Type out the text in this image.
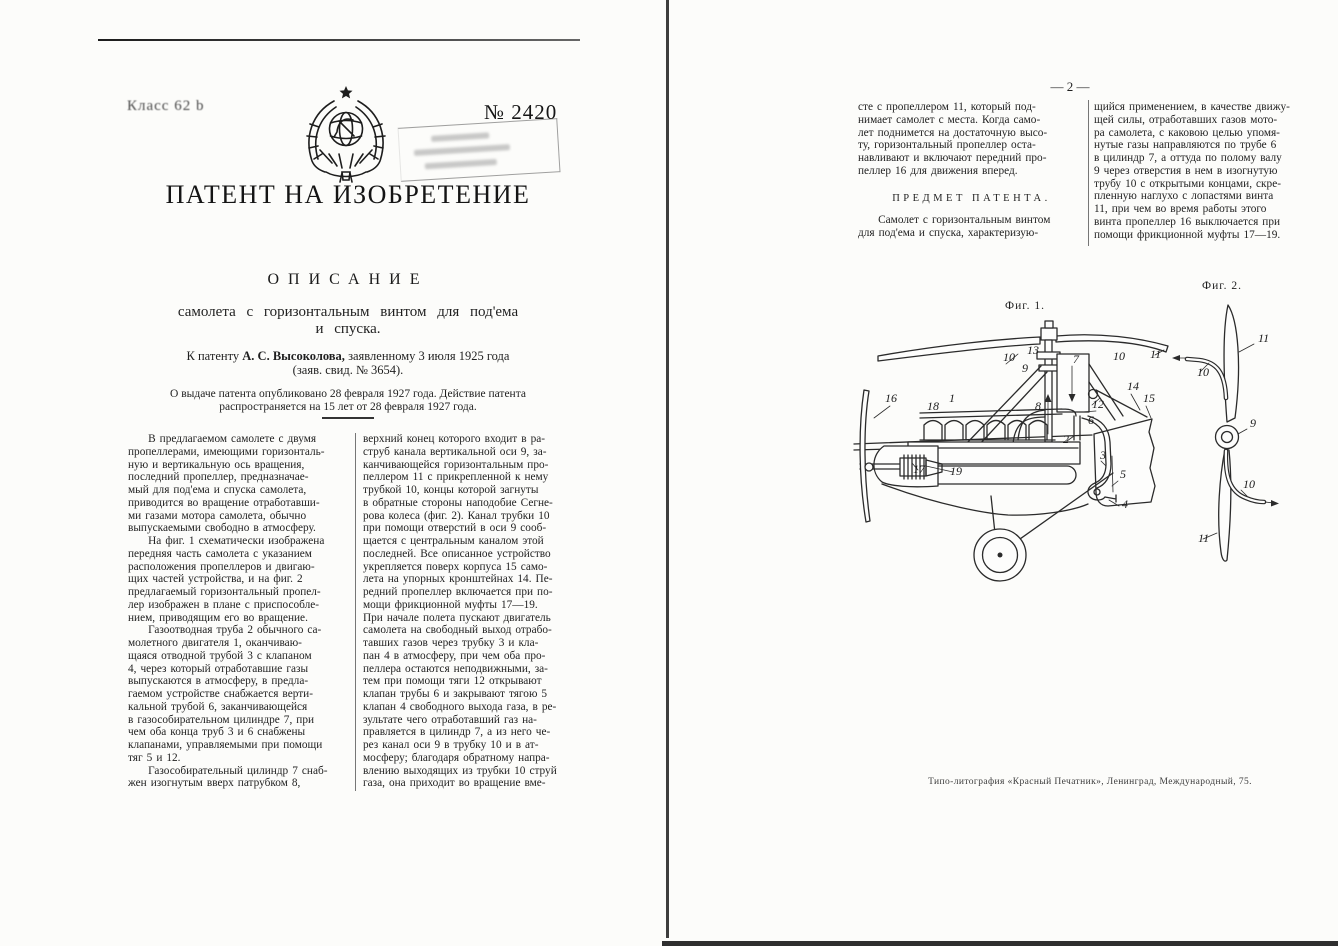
Класс 62 b	№ 2420
ПАТЕНТ НА ИЗОБРЕТЕНИЕ
ОПИСАНИЕ
самолета с горизонтальным винтом для под'ема
и спуска.
К патенту А. С. Высоколова, заявленному 3 июля 1925 года
(заяв. свид. № 3654).
О выдаче патента опубликовано 28 февраля 1927 года. Действие патента
распространяется на 15 лет от 28 февраля 1927 года.
В предлагаемом самолете с двумя
пропеллерами, имеющими горизонталь-
ную и вертикальную ось вращения,
последний пропеллер, предназначае-
мый для под'ема и спуска самолета,
приводится во вращение отработавши-
ми газами мотора самолета, обычно
выпускаемыми свободно в атмосферу.
На фиг. 1 схематически изображена
передняя часть самолета с указанием
расположения пропеллеров и двигаю-
щих частей устройства, и на фиг. 2
предлагаемый горизонтальный пропел-
лер изображен в плане с приспособле-
нием, приводящим его во вращение.
Газоотводная труба 2 обычного са-
молетного двигателя 1, оканчиваю-
щаяся отводной трубой 3 с клапаном
4, через который отработавшие газы
выпускаются в атмосферу, в предла-
гаемом устройстве снабжается верти-
кальной трубой 6, заканчивающейся
в газособирательном цилиндре 7, при
чем оба конца труб 3 и 6 снабжены
клапанами, управляемыми при помощи
тяг 5 и 12.
Газособирательный цилиндр 7 снаб-
жен изогнутым вверх патрубком 8,
верхний конец которого входит в ра-
струб канала вертикальной оси 9, за-
канчивающейся горизонтальным про-
пеллером 11 с прикрепленной к нему
трубкой 10, концы которой загнуты
в обратные стороны наподобие Сегне-
рова колеса (фиг. 2). Канал трубки 10
при помощи отверстий в оси 9 сооб-
щается с центральным каналом этой
последней. Все описанное устройство
укрепляется поверх корпуса 15 само-
лета на упорных кронштейнах 14. Пе-
редний пропеллер включается при по-
мощи фрикционной муфты 17—19.
При начале полета пускают двигатель
самолета на свободный выход отрабо-
тавших газов через трубку 3 и кла-
пан 4 в атмосферу, при чем оба про-
пеллера остаются неподвижными, за-
тем при помощи тяги 12 открывают
клапан трубы 6 и закрывают тягою 5
клапан 4 свободного выхода газа, в ре-
зультате чего отработавший газ на-
правляется в цилиндр 7, а из него че-
рез канал оси 9 в трубку 10 и в ат-
мосферу; благодаря обратному напра-
влению выходящих из трубки 10 струй
газа, она приходит во вращение вме-
— 2 —
сте с пропеллером 11, который под-
нимает самолет с места. Когда само-
лет поднимется на достаточную высо-
ту, горизонтальный пропеллер оста-
навливают и включают передний про-
пеллер 16 для движения вперед.
ПРЕДМЕТ ПАТЕНТА.
Самолет с горизонтальным винтом
для под'ема и спуска, характеризую-
щийся применением, в качестве движу-
щей силы, отработавших газов мото-
ра самолета, с каковою целью упомя-
нутые газы направляются по трубе 6
в цилиндр 7, а оттуда по полому валу
9 через отверстия в нем в изогнутую
трубу 10 с открытыми концами, скре-
пленную наглухо с лопастями винта
11, при чем во время работы этого
винта пропеллер 16 выключается при
помощи фрикционной муфты 17—19.
Фиг. 1.
Фиг. 2.
10 13
9
7	10 11
16
18
1
8	12
14
15
6
2
3
5
4
17 19
11
10
9
10
11
Типо-литография «Красный Печатник», Ленинград, Международный, 75.
